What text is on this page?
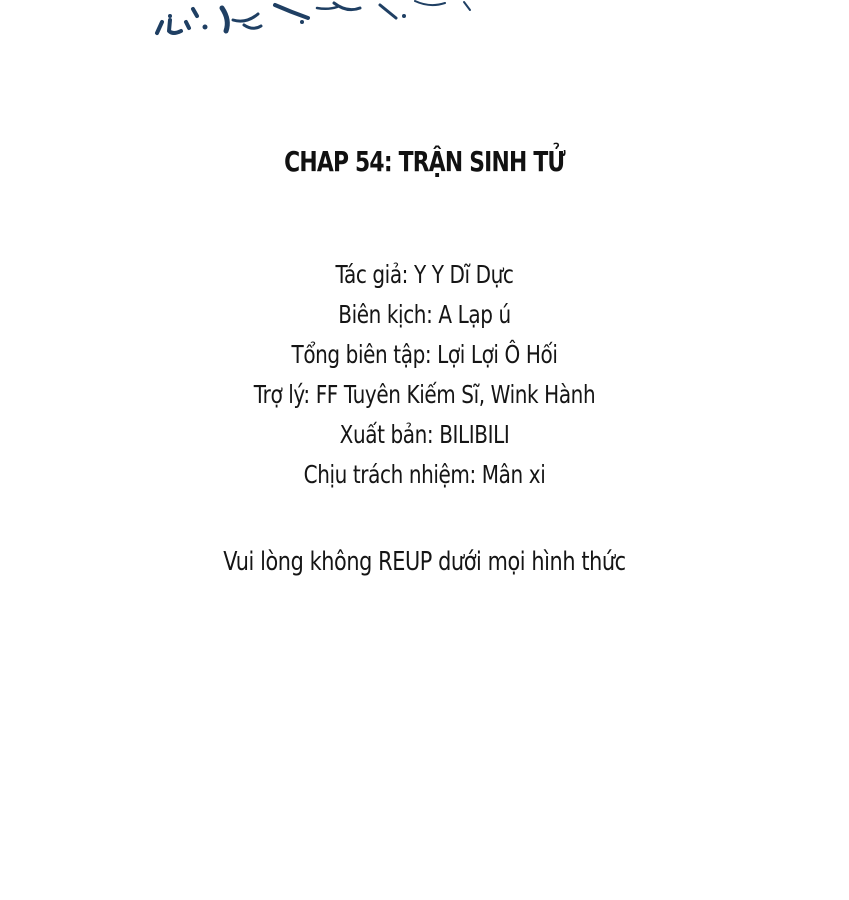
CHAP 54: TRẬN SINH TỬ
Tác giả: Y Y Dĩ Dực
Biên kịch: A Lạp ú
Tổng biên tập: Lợi Lợi Ô Hối
Trợ lý: FF Tuyên Kiếm Sĩ, Wink Hành
Xuất bản: BILIBILI
Chịu trách nhiệm: Mân xi
Vui lòng không REUP dưới mọi hình thức
